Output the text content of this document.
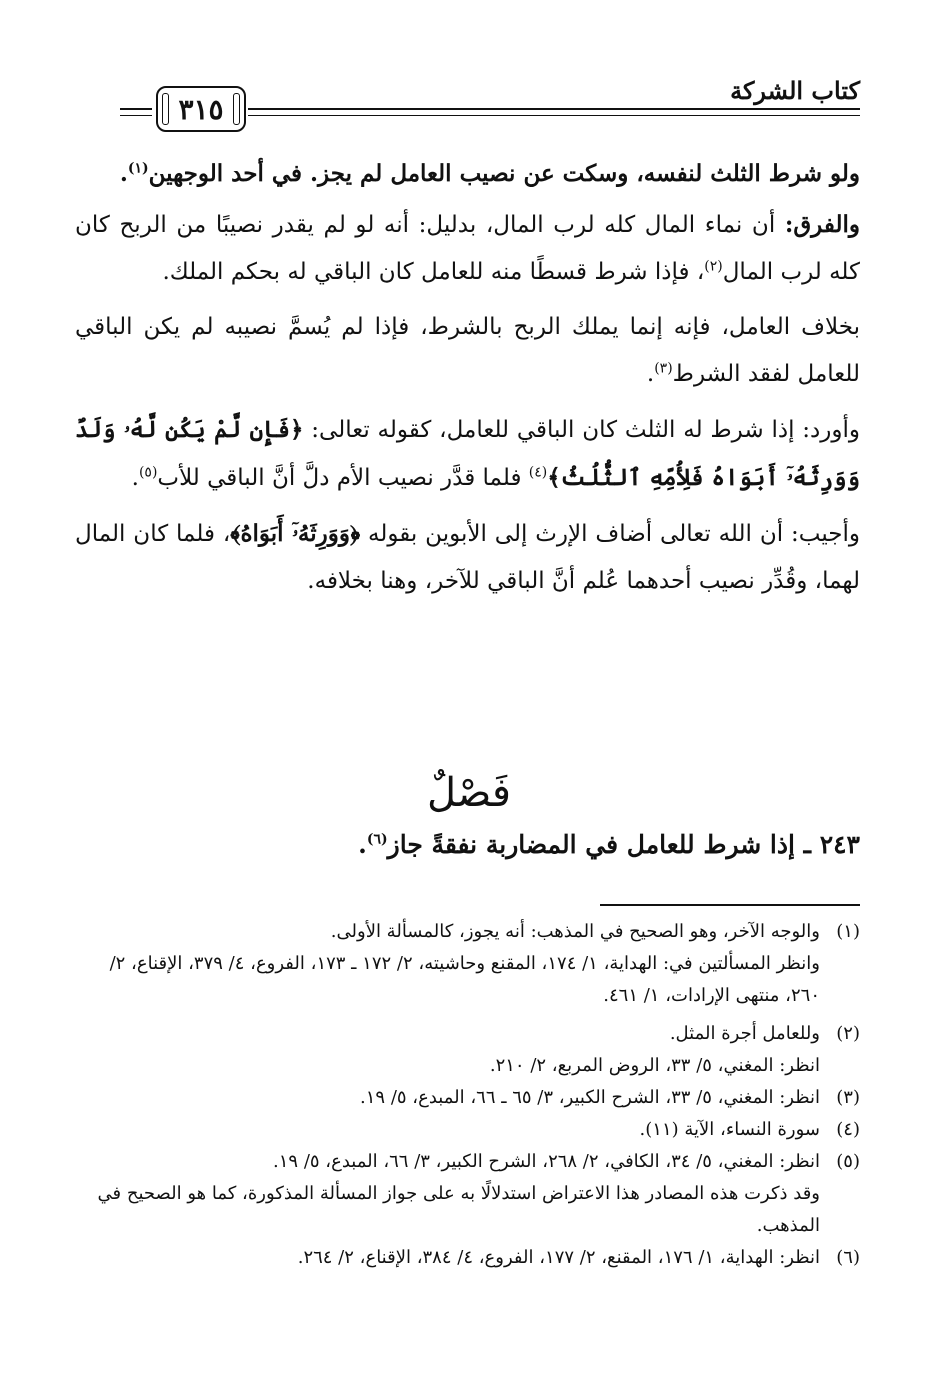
كتاب الشركة
٣١٥

ولو شرط الثلث لنفسه، وسكت عن نصيب العامل لم يجز. في أحد الوجهين$^{(١)}$.

والفرق: أن نماء المال كله لرب المال، بدليل: أنه لو لم يقدر نصيبًا من الربح كان كله لرب المال$^{(٢)}$، فإذا شرط قسطًا منه للعامل كان الباقي له بحكم الملك.

بخلاف العامل، فإنه إنما يملك الربح بالشرط، فإذا لم يُسمَّ نصيبه لم يكن الباقي للعامل لفقد الشرط$^{(٣)}$.

وأورد: إذا شرط له الثلث كان الباقي للعامل، كقوله تعالى: ﴿فَإِن لَّمْ يَكُن لَّهُۥ وَلَدٌ وَوَرِثَهُۥٓ أَبَوَاهُ فَلِأُمِّهِ ٱلثُّلُثُ﴾$^{(٤)}$ فلما قدَّر نصيب الأم دلَّ أنَّ الباقي للأب$^{(٥)}$.

وأجيب: أن الله تعالى أضاف الإرث إلى الأبوين بقوله ﴿وَوَرِثَهُۥٓ أَبَوَاهُ﴾، فلما كان المال لهما، وقُدِّر نصيب أحدهما عُلم أنَّ الباقي للآخر، وهنا بخلافه.

فَصْلٌ
٢٤٣ ـ إذا شرط للعامل في المضاربة نفقةً جاز$^{(٦)}$.
(١)

والوجه الآخر، وهو الصحيح في المذهب: أنه يجوز، كالمسألة الأولى.

وانظر المسألتين في: الهداية، ١/ ١٧٤، المقنع وحاشيته، ٢/ ١٧٢ ـ ١٧٣، الفروع، ٤/ ٣٧٩، الإقناع، ٢/ ٢٦٠، منتهى الإرادات، ١/ ٤٦١.

(٢)

وللعامل أجرة المثل.

انظر: المغني، ٥/ ٣٣، الروض المربع، ٢/ ٢١٠.

(٣)

انظر: المغني، ٥/ ٣٣، الشرح الكبير، ٣/ ٦٥ ـ ٦٦، المبدع، ٥/ ١٩.

(٤)

سورة النساء، الآية (١١).

(٥)

انظر: المغني، ٥/ ٣٤، الكافي، ٢/ ٢٦٨، الشرح الكبير، ٣/ ٦٦، المبدع، ٥/ ١٩.

وقد ذكرت هذه المصادر هذا الاعتراض استدلالًا به على جواز المسألة المذكورة، كما هو الصحيح في المذهب.

(٦)

انظر: الهداية، ١/ ١٧٦، المقنع، ٢/ ١٧٧، الفروع، ٤/ ٣٨٤، الإقناع، ٢/ ٢٦٤.
